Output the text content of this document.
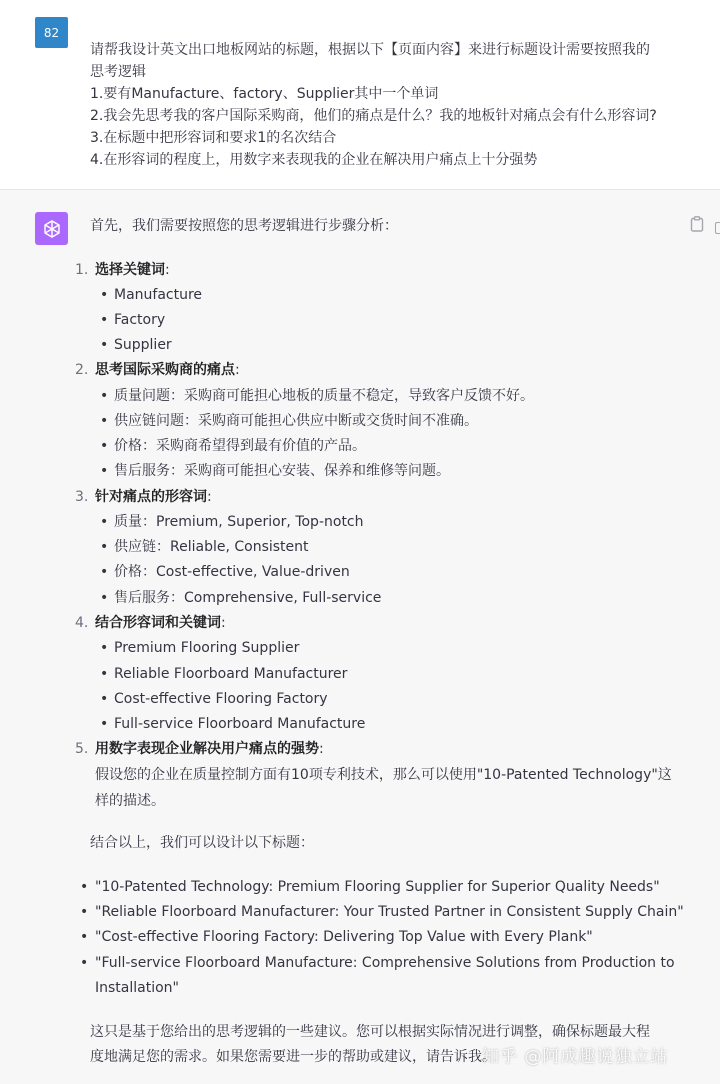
82
请帮我设计英文出口地板网站的标题，根据以下【页面内容】来进行标题设计需要按照我的
思考逻辑
1.要有Manufacture、factory、Supplier其中一个单词
2.我会先思考我的客户国际采购商，他们的痛点是什么？我的地板针对痛点会有什么形容词?
3.在标题中把形容词和要求1的名次结合
4.在形容词的程度上，用数字来表现我的企业在解决用户痛点上十分强势
首先，我们需要按照您的思考逻辑进行步骤分析：
1. 选择关键词:
• Manufacture
• Factory
• Supplier
2. 思考国际采购商的痛点:
• 质量问题：采购商可能担心地板的质量不稳定，导致客户反馈不好。
• 供应链问题：采购商可能担心供应中断或交货时间不准确。
• 价格：采购商希望得到最有价值的产品。
• 售后服务：采购商可能担心安装、保养和维修等问题。
3. 针对痛点的形容词:
• 质量：Premium, Superior, Top-notch
• 供应链：Reliable, Consistent
• 价格：Cost-effective, Value-driven
• 售后服务：Comprehensive, Full-service
4. 结合形容词和关键词:
• Premium Flooring Supplier
• Reliable Floorboard Manufacturer
• Cost-effective Flooring Factory
• Full-service Floorboard Manufacture
5. 用数字表现企业解决用户痛点的强势:
假设您的企业在质量控制方面有10项专利技术，那么可以使用"10-Patented Technology"这
样的描述。
结合以上，我们可以设计以下标题：
• "10-Patented Technology: Premium Flooring Supplier for Superior Quality Needs"
• "Reliable Floorboard Manufacturer: Your Trusted Partner in Consistent Supply Chain"
• "Cost-effective Flooring Factory: Delivering Top Value with Every Plank"
• "Full-service Floorboard Manufacture: Comprehensive Solutions from Production to
Installation"
这只是基于您给出的思考逻辑的一些建议。您可以根据实际情况进行调整，确保标题最大程
度地满足您的需求。如果您需要进一步的帮助或建议，请告诉我。
知乎 @阿成趣说独立站
